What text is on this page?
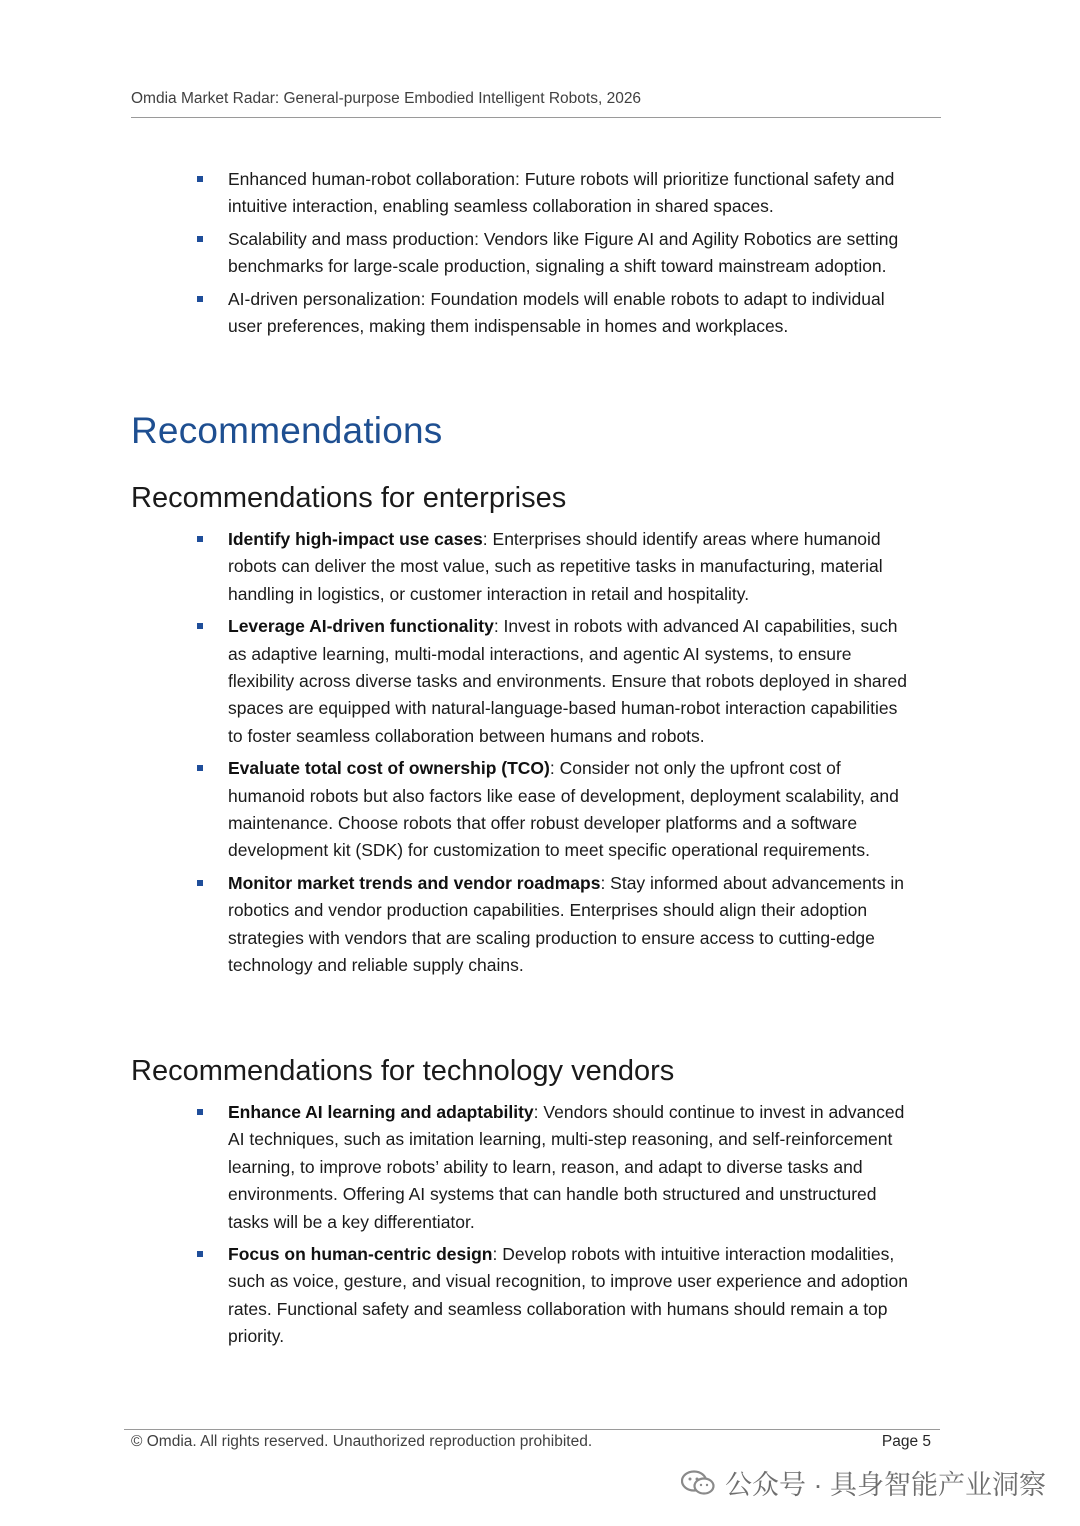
Omdia Market Radar: General-purpose Embodied Intelligent Robots, 2026
Enhanced human-robot collaboration: Future robots will prioritize functional safety and intuitive interaction, enabling seamless collaboration in shared spaces.
Scalability and mass production: Vendors like Figure AI and Agility Robotics are setting benchmarks for large-scale production, signaling a shift toward mainstream adoption.
AI-driven personalization: Foundation models will enable robots to adapt to individual user preferences, making them indispensable in homes and workplaces.
Recommendations
Recommendations for enterprises
Identify high-impact use cases: Enterprises should identify areas where humanoid robots can deliver the most value, such as repetitive tasks in manufacturing, material handling in logistics, or customer interaction in retail and hospitality.
Leverage AI-driven functionality: Invest in robots with advanced AI capabilities, such as adaptive learning, multi-modal interactions, and agentic AI systems, to ensure flexibility across diverse tasks and environments. Ensure that robots deployed in shared spaces are equipped with natural-language-based human-robot interaction capabilities to foster seamless collaboration between humans and robots.
Evaluate total cost of ownership (TCO): Consider not only the upfront cost of humanoid robots but also factors like ease of development, deployment scalability, and maintenance. Choose robots that offer robust developer platforms and a software development kit (SDK) for customization to meet specific operational requirements.
Monitor market trends and vendor roadmaps: Stay informed about advancements in robotics and vendor production capabilities. Enterprises should align their adoption strategies with vendors that are scaling production to ensure access to cutting-edge technology and reliable supply chains.
Recommendations for technology vendors
Enhance AI learning and adaptability: Vendors should continue to invest in advanced AI techniques, such as imitation learning, multi-step reasoning, and self-reinforcement learning, to improve robots’ ability to learn, reason, and adapt to diverse tasks and environments. Offering AI systems that can handle both structured and unstructured tasks will be a key differentiator.
Focus on human-centric design: Develop robots with intuitive interaction modalities, such as voice, gesture, and visual recognition, to improve user experience and adoption rates. Functional safety and seamless collaboration with humans should remain a top priority.
© Omdia. All rights reserved. Unauthorized reproduction prohibited.	Page 5
公众号 · 具身智能产业洞察
